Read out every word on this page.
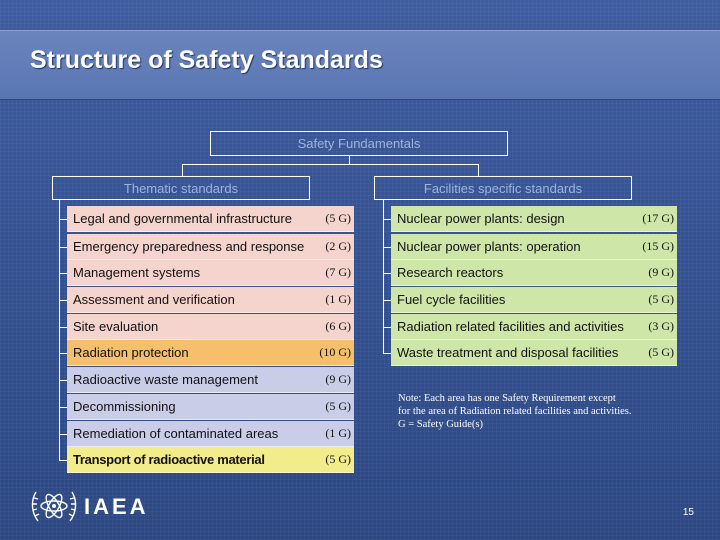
Structure of Safety Standards
Safety Fundamentals
Thematic standards	Facilities specific standards
Legal and governmental infrastructure	(5 G)
Emergency preparedness and response (2 G)
Management systems	(7 G)
Assessment and verification	(1 G)
Site evaluation	(6 G)
Radiation protection	(10 G)
Radioactive waste management	(9 G)
Decommissioning	(5 G)
Remediation of contaminated areas	(1 G)
Transport of radioactive material	(5 G)
Nuclear power plants: design	(17 G)
Nuclear power plants: operation	(15 G)
Research reactors	(9 G)
Fuel cycle facilities	(5 G)
Radiation related facilities and activities (3 G)
Waste treatment and disposal facilities (5 G)
Note: Each area has one Safety Requirement except
for the area of Radiation related facilities and activities.
G = Safety Guide(s)
IAEA	15
